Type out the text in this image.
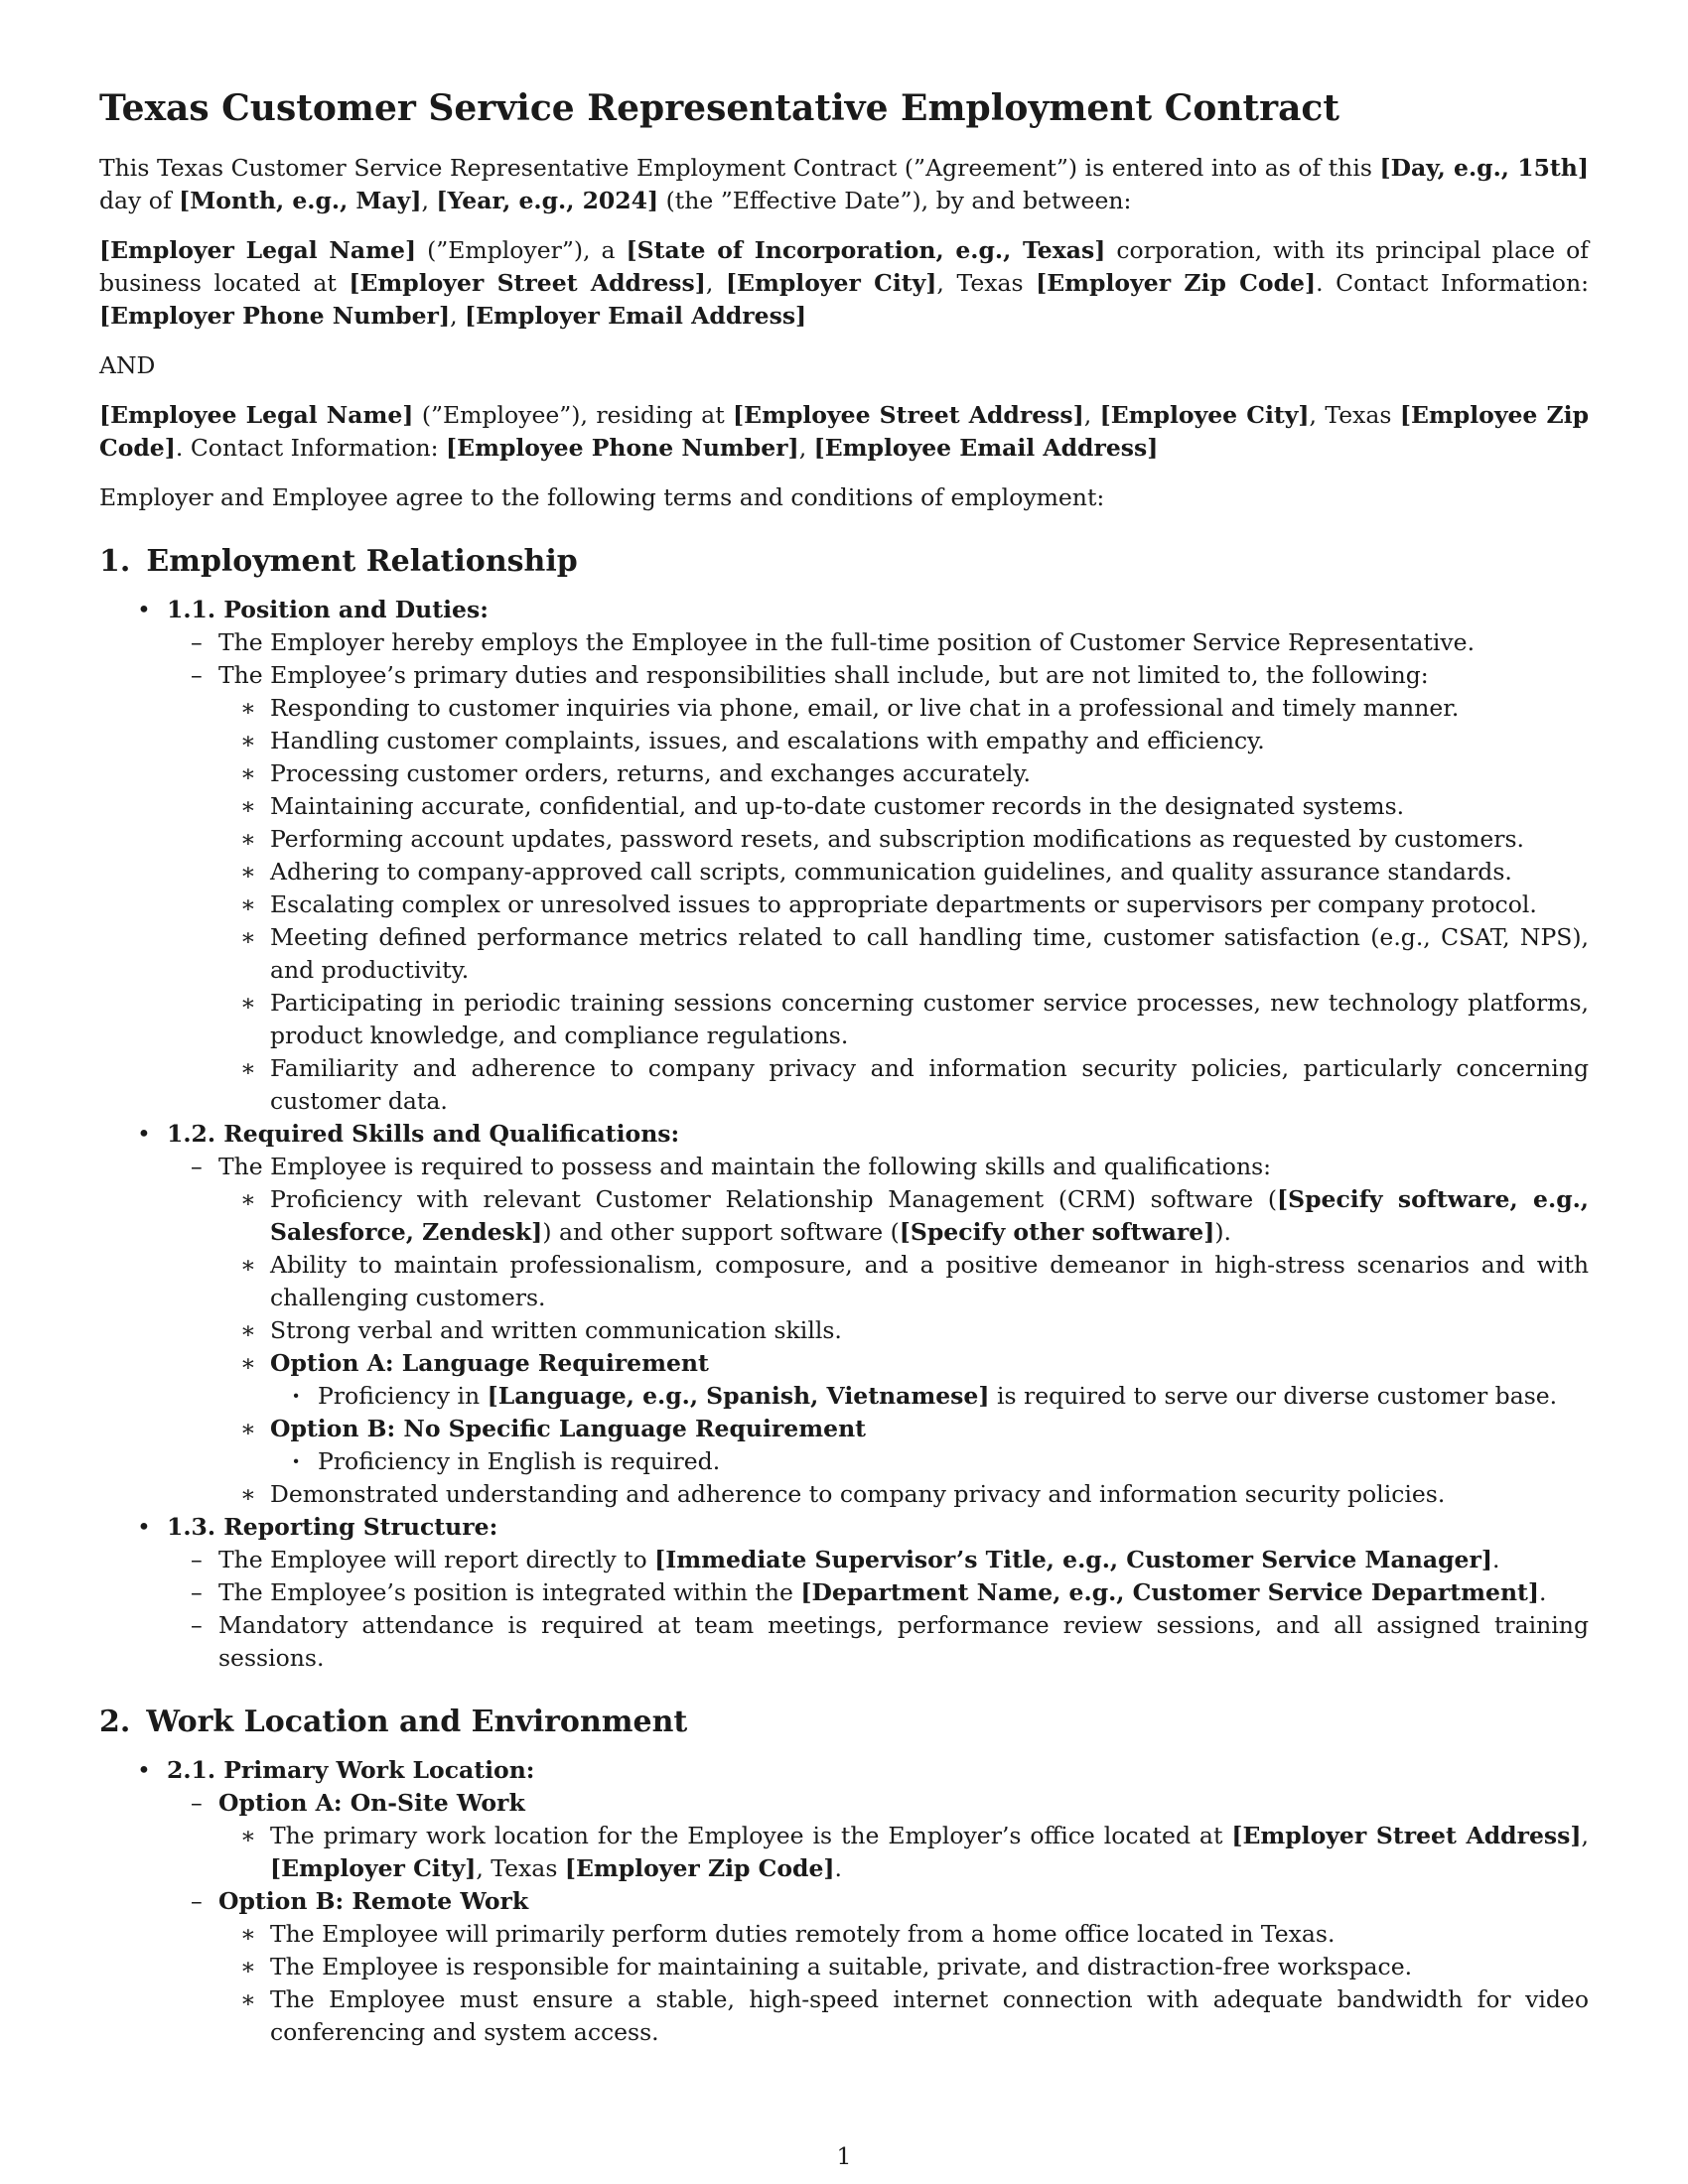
Texas Customer Service Representative Employment Contract

This Texas Customer Service Representative Employment Contract (”Agreement”) is entered into as of this [Day, e.g., 15th] day of [Month, e.g., May], [Year, e.g., 2024] (the ”Effective Date”), by and between:

[Employer Legal Name] (”Employer”), a [State of Incorporation, e.g., Texas] corporation, with its principal place of business located at [Employer Street Address], [Employer City], Texas [Employer Zip Code]. Contact Information: [Employer Phone Number], [Employer Email Address]

AND

[Employee Legal Name] (”Employee”), residing at [Employee Street Address], [Employee City], Texas [Employee Zip Code]. Contact Information: [Employee Phone Number], [Employee Email Address]

Employer and Employee agree to the following terms and conditions of employment:

1. Employment Relationship
• 1.1. Position and Duties:
– The Employer hereby employs the Employee in the full-time position of Customer Service Representative.
– The Employee’s primary duties and responsibilities shall include, but are not limited to, the following:
∗ Responding to customer inquiries via phone, email, or live chat in a professional and timely manner.
∗ Handling customer complaints, issues, and escalations with empathy and efficiency.
∗ Processing customer orders, returns, and exchanges accurately.
∗ Maintaining accurate, confidential, and up-to-date customer records in the designated systems.
∗ Performing account updates, password resets, and subscription modifications as requested by customers.
∗ Adhering to company-approved call scripts, communication guidelines, and quality assurance standards.
∗ Escalating complex or unresolved issues to appropriate departments or supervisors per company protocol.
∗ Meeting defined performance metrics related to call handling time, customer satisfaction (e.g., CSAT, NPS), and productivity.
∗ Participating in periodic training sessions concerning customer service processes, new technology platforms, product knowledge, and compliance regulations.
∗ Familiarity and adherence to company privacy and information security policies, particularly concerning customer data.
• 1.2. Required Skills and Qualifications:
– The Employee is required to possess and maintain the following skills and qualifications:
∗ Proficiency with relevant Customer Relationship Management (CRM) software ([Specify software, e.g., Salesforce, Zendesk]) and other support software ([Specify other software]).
∗ Ability to maintain professionalism, composure, and a positive demeanor in high-stress scenarios and with challenging customers.
∗ Strong verbal and written communication skills.
∗ Option A: Language Requirement
· Proficiency in [Language, e.g., Spanish, Vietnamese] is required to serve our diverse customer base.
∗ Option B: No Specific Language Requirement
· Proficiency in English is required.
∗ Demonstrated understanding and adherence to company privacy and information security policies.
• 1.3. Reporting Structure:
– The Employee will report directly to [Immediate Supervisor’s Title, e.g., Customer Service Manager].
– The Employee’s position is integrated within the [Department Name, e.g., Customer Service Department].
– Mandatory attendance is required at team meetings, performance review sessions, and all assigned training sessions.
2. Work Location and Environment
• 2.1. Primary Work Location:
– Option A: On-Site Work
∗ The primary work location for the Employee is the Employer’s office located at [Employer Street Address], [Employer City], Texas [Employer Zip Code].
– Option B: Remote Work
∗ The Employee will primarily perform duties remotely from a home office located in Texas.
∗ The Employee is responsible for maintaining a suitable, private, and distraction-free workspace.
∗ The Employee must ensure a stable, high-speed internet connection with adequate bandwidth for video conferencing and system access.
1
